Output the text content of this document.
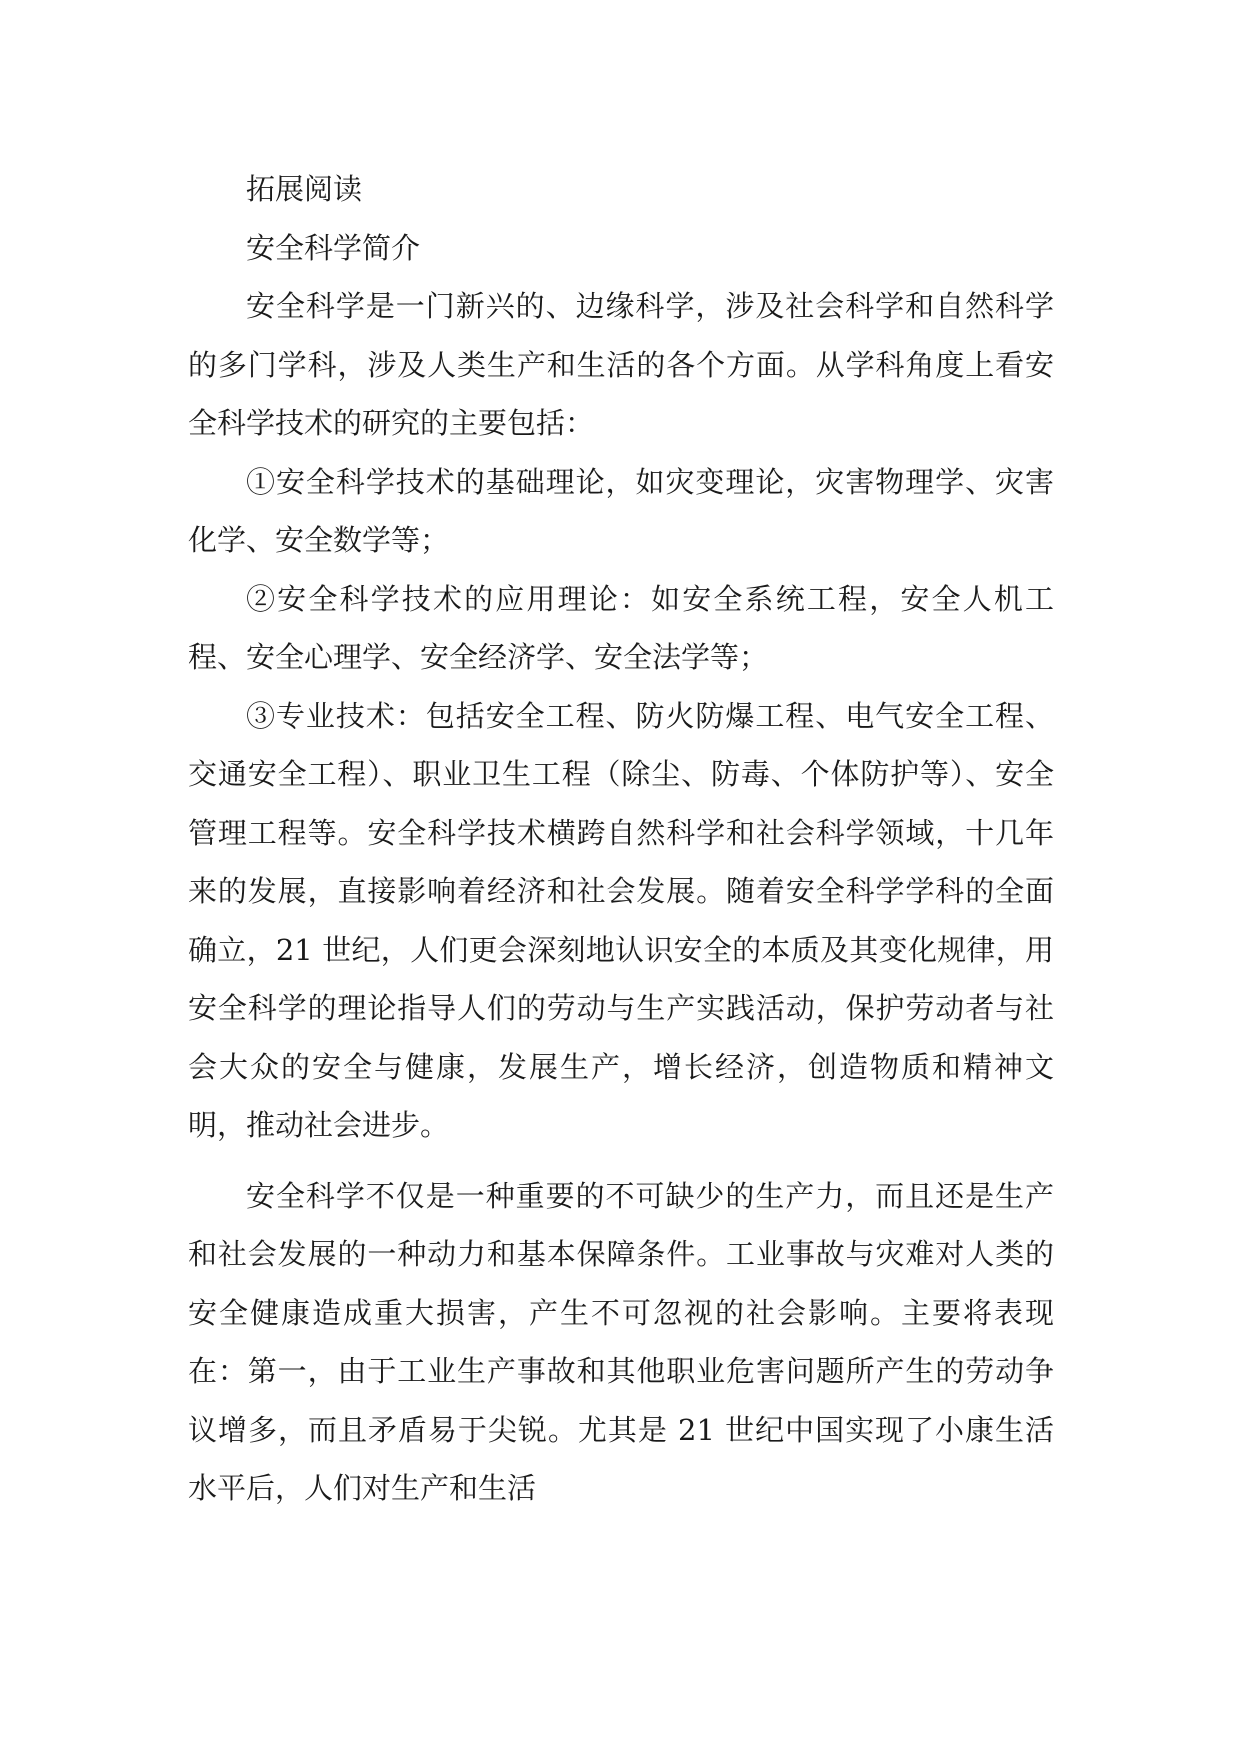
拓展阅读

安全科学简介

安全科学是一门新兴的、边缘科学，涉及社会科学和自然科学的多门学科，涉及人类生产和生活的各个方面。从学科角度上看安全科学技术的研究的主要包括：

①安全科学技术的基础理论，如灾变理论，灾害物理学、灾害化学、安全数学等；

②安全科学技术的应用理论：如安全系统工程，安全人机工程、安全心理学、安全经济学、安全法学等；

③专业技术：包括安全工程、防火防爆工程、电气安全工程、交通安全工程）、职业卫生工程（除尘、防毒、个体防护等）、安全管理工程等。安全科学技术横跨自然科学和社会科学领域，十几年来的发展，直接影响着经济和社会发展。随着安全科学学科的全面确立，21 世纪，人们更会深刻地认识安全的本质及其变化规律，用安全科学的理论指导人们的劳动与生产实践活动，保护劳动者与社会大众的安全与健康，发展生产，增长经济，创造物质和精神文明，推动社会进步。

安全科学不仅是一种重要的不可缺少的生产力，而且还是生产和社会发展的一种动力和基本保障条件。工业事故与灾难对人类的安全健康造成重大损害，产生不可忽视的社会影响。主要将表现在：第一，由于工业生产事故和其他职业危害问题所产生的劳动争议增多，而且矛盾易于尖锐。尤其是 21 世纪中国实现了小康生活水平后，人们对生产和生活
